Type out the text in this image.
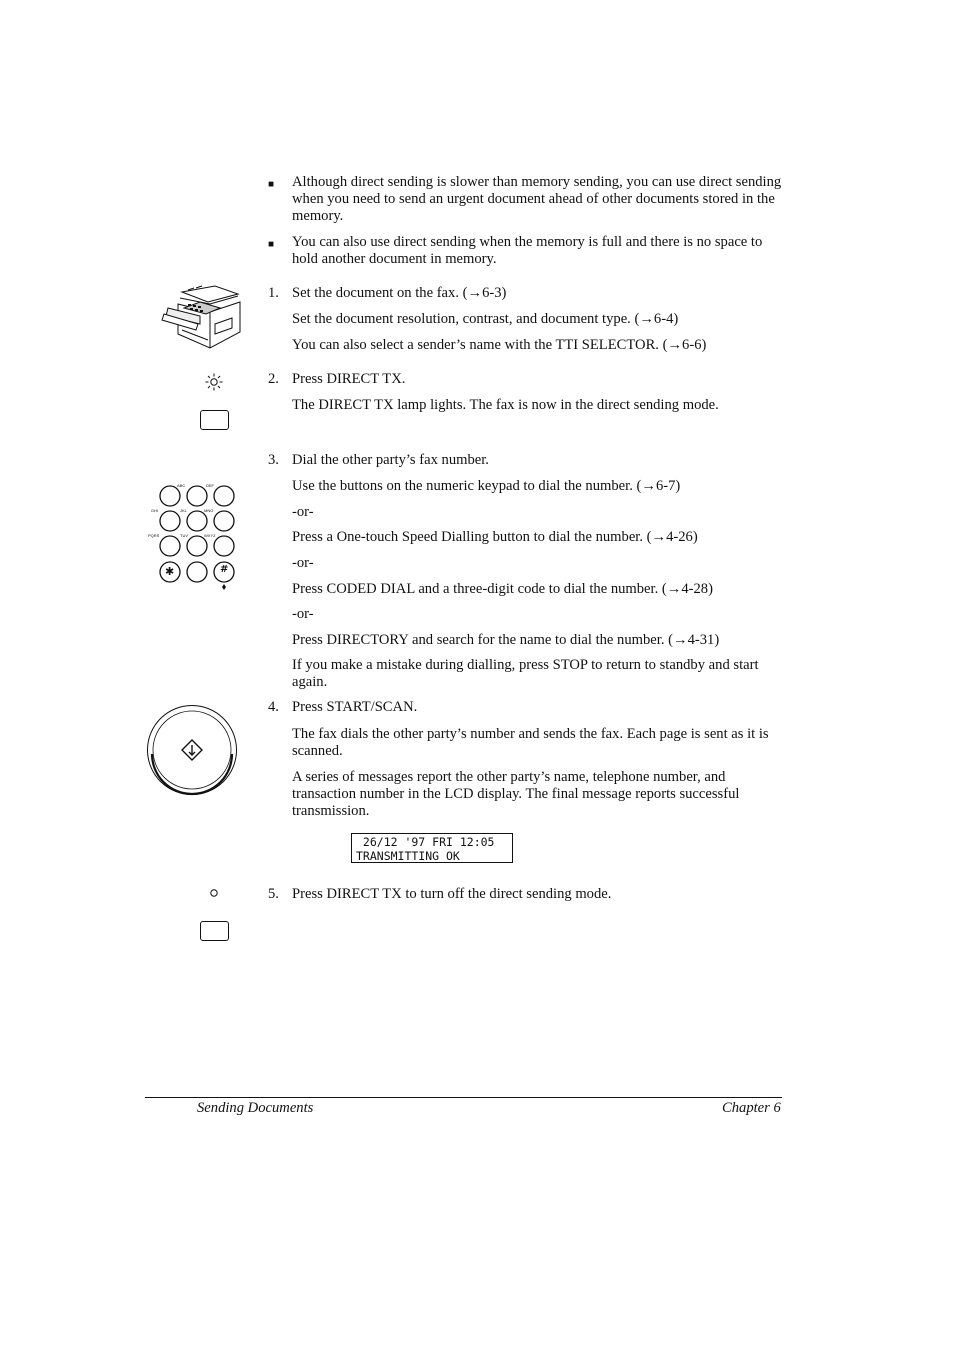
■ Although direct sending is slower than memory sending, you can use direct sending when you need to send an urgent document ahead of other documents stored in the memory.

■ You can also use direct sending when the memory is full and there is no space to hold another document in memory.

1. Set the document on the fax. (→6-3)

Set the document resolution, contrast, and document type. (→6-4)

You can also select a sender’s name with the TTI SELECTOR. (→6-6)

2. Press DIRECT TX.

The DIRECT TX lamp lights. The fax is now in the direct sending mode.

ABC	DEF
GHI	JKL	MNO
PQRS	TUV	WXYZ
✱	#
3. Dial the other party’s fax number.

Use the buttons on the numeric keypad to dial the number. (→6-7)

-or-

Press a One-touch Speed Dialling button to dial the number. (→4-26)

-or-

Press CODED DIAL and a three-digit code to dial the number. (→4-28)

-or-

Press DIRECTORY and search for the name to dial the number. (→4-31)

If you make a mistake during dialling, press STOP to return to standby and start again.

4. Press START/SCAN.

The fax dials the other party’s number and sends the fax. Each page is sent as it is scanned.

A series of messages report the other party’s name, telephone number, and transaction number in the LCD display. The final message reports successful transmission.

26/12 '97 FRI 12:05
TRANSMITTING OK
5. Press DIRECT TX to turn off the direct sending mode.

Sending Documents	Chapter 6
